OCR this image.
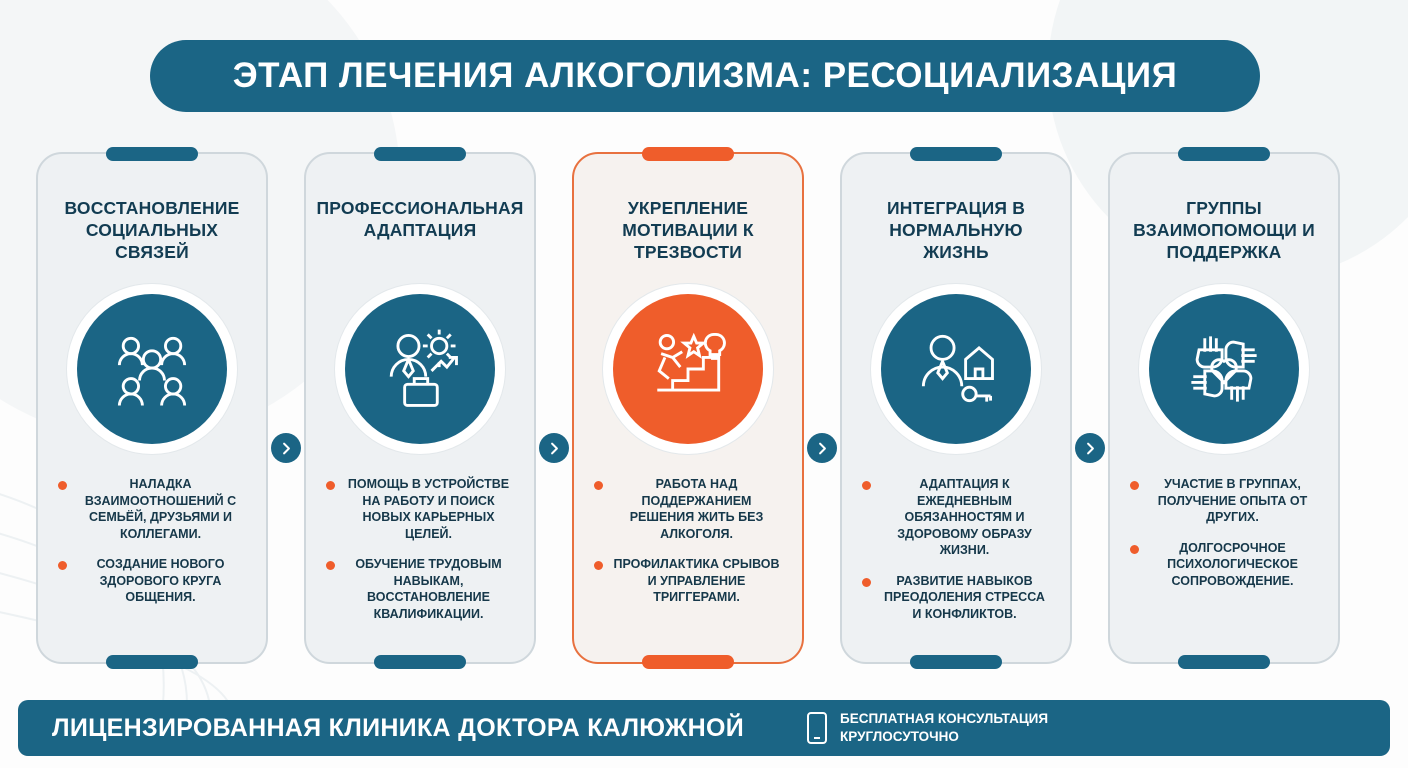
ЭТАП ЛЕЧЕНИЯ АЛКОГОЛИЗМА: РЕСОЦИАЛИЗАЦИЯ
ВОССТАНОВЛЕНИЕ СОЦИАЛЬНЫХ СВЯЗЕЙ
НАЛАДКА ВЗАИМООТНОШЕНИЙ С СЕМЬЁЙ, ДРУЗЬЯМИ И КОЛЛЕГАМИ.
СОЗДАНИЕ НОВОГО ЗДОРОВОГО КРУГА ОБЩЕНИЯ.
ПРОФЕССИОНАЛЬНАЯ АДАПТАЦИЯ
ПОМОЩЬ В УСТРОЙСТВЕ НА РАБОТУ И ПОИСК НОВЫХ КАРЬЕРНЫХ ЦЕЛЕЙ.
ОБУЧЕНИЕ ТРУДОВЫМ НАВЫКАМ, ВОССТАНОВЛЕНИЕ КВАЛИФИКАЦИИ.
УКРЕПЛЕНИЕ МОТИВАЦИИ К ТРЕЗВОСТИ
РАБОТА НАД ПОДДЕРЖАНИЕМ РЕШЕНИЯ ЖИТЬ БЕЗ АЛКОГОЛЯ.
ПРОФИЛАКТИКА СРЫВОВ И УПРАВЛЕНИЕ ТРИГГЕРАМИ.
ИНТЕГРАЦИЯ В НОРМАЛЬНУЮ ЖИЗНЬ
АДАПТАЦИЯ К ЕЖЕДНЕВНЫМ ОБЯЗАННОСТЯМ И ЗДОРОВОМУ ОБРАЗУ ЖИЗНИ.
РАЗВИТИЕ НАВЫКОВ ПРЕОДОЛЕНИЯ СТРЕССА И КОНФЛИКТОВ.
ГРУППЫ ВЗАИМОПОМОЩИ И ПОДДЕРЖКА
УЧАСТИЕ В ГРУППАХ, ПОЛУЧЕНИЕ ОПЫТА ОТ ДРУГИХ.
ДОЛГОСРОЧНОЕ ПСИХОЛОГИЧЕСКОЕ СОПРОВОЖДЕНИЕ.
ЛИЦЕНЗИРОВАННАЯ КЛИНИКА ДОКТОРА КАЛЮЖНОЙ	БЕСПЛАТНАЯ КОНСУЛЬТАЦИЯ
КРУГЛОСУТОЧНО
